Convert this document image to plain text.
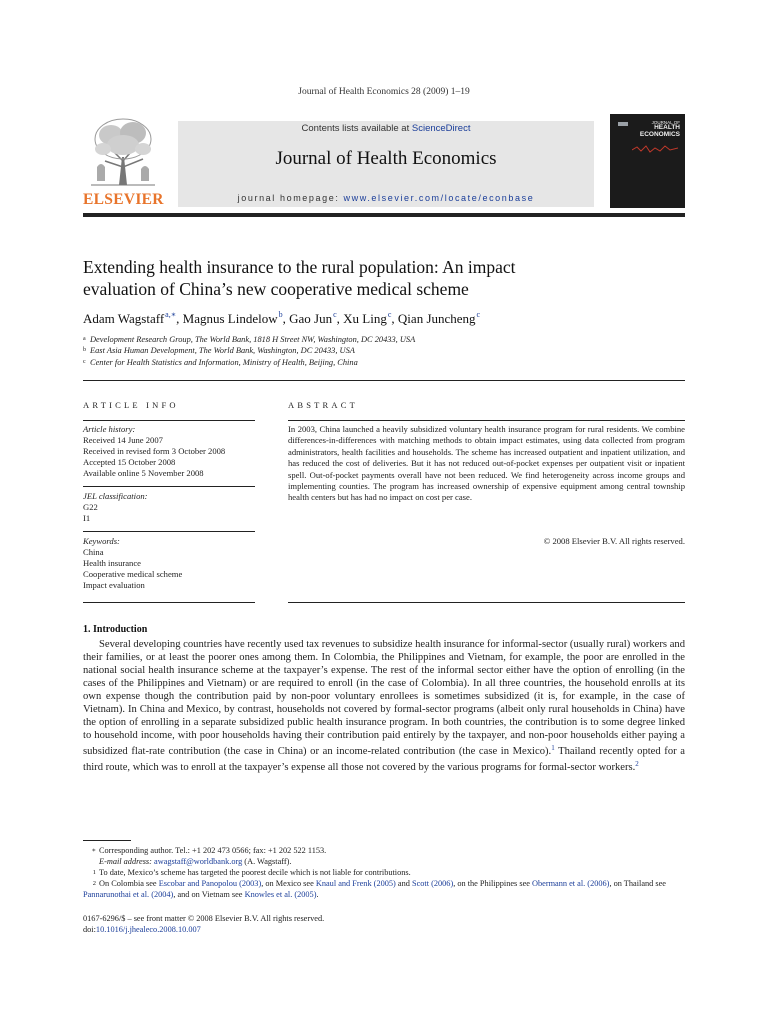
Journal of Health Economics 28 (2009) 1–19
ELSEVIER
Contents lists available at ScienceDirect
Journal of Health Economics
journal homepage: www.elsevier.com/locate/econbase
JOURNAL OF
HEALTH
ECONOMICS
Extending health insurance to the rural population: An impact
evaluation of China’s new cooperative medical scheme
Adam Wagstaff$^{a,∗}$, Magnus Lindelow$^b$, Gao Jun$^c$, Xu Ling$^c$, Qian Juncheng$^c$
a Development Research Group, The World Bank, 1818 H Street NW, Washington, DC 20433, USA
b East Asia Human Development, The World Bank, Washington, DC 20433, USA
c Center for Health Statistics and Information, Ministry of Health, Beijing, China
ARTICLE INFO
Article history:
Received 14 June 2007
Received in revised form 3 October 2008
Accepted 15 October 2008
Available online 5 November 2008
JEL classification:
G22
I1
Keywords:
China
Health insurance
Cooperative medical scheme
Impact evaluation
ABSTRACT
In 2003, China launched a heavily subsidized voluntary health insurance program for rural residents. We combine differences-in-differences with matching methods to obtain impact estimates, using data collected from program administrators, health facilities and households. The scheme has increased outpatient and inpatient utilization, and has reduced the cost of deliveries. But it has not reduced out-of-pocket expenses per outpatient visit or inpatient spell. Out-of-pocket payments overall have not been reduced. We find heterogeneity across income groups and implementing counties. The program has increased ownership of expensive equipment among central township health centers but has had no impact on cost per case.
© 2008 Elsevier B.V. All rights reserved.
1. Introduction
Several developing countries have recently used tax revenues to subsidize health insurance for informal-sector (usually rural) workers and their families, or at least the poorer ones among them. In Colombia, the Philippines and Vietnam, for example, the poor are enrolled in the national social health insurance scheme at the taxpayer’s expense. The rest of the informal sector either have the option of enrolling (in the cases of the Philippines and Vietnam) or are required to enroll (in the case of Colombia). In all three countries, the household enrolls at its own expense though the contribution paid by non-poor voluntary enrollees is sometimes subsidized (it is, for example, in the case of Vietnam). In China and Mexico, by contrast, households not covered by formal-sector programs (albeit only rural households in China) have the option of enrolling in a separate subsidized public health insurance program. In both countries, the contribution is to some degree linked to household income, with poor households having their contribution paid entirely by the taxpayer, and non-poor households either paying a subsidized flat-rate contribution (the case in China) or an income-related contribution (the case in Mexico).$^1$ Thailand recently opted for a third route, which was to enroll at the taxpayer’s expense all those not covered by the various programs for formal-sector workers.$^2$
∗ Corresponding author. Tel.: +1 202 473 0566; fax: +1 202 522 1153.
E-mail address: awagstaff@worldbank.org (A. Wagstaff).
1 To date, Mexico’s scheme has targeted the poorest decile which is not liable for contributions.
2 On Colombia see Escobar and Panopolou (2003), on Mexico see Knaul and Frenk (2005) and Scott (2006), on the Philippines see Obermann et al. (2006), on Thailand see Pannarunothai et al. (2004), and on Vietnam see Knowles et al. (2005).
0167-6296/$ – see front matter © 2008 Elsevier B.V. All rights reserved.
doi:10.1016/j.jhealeco.2008.10.007
